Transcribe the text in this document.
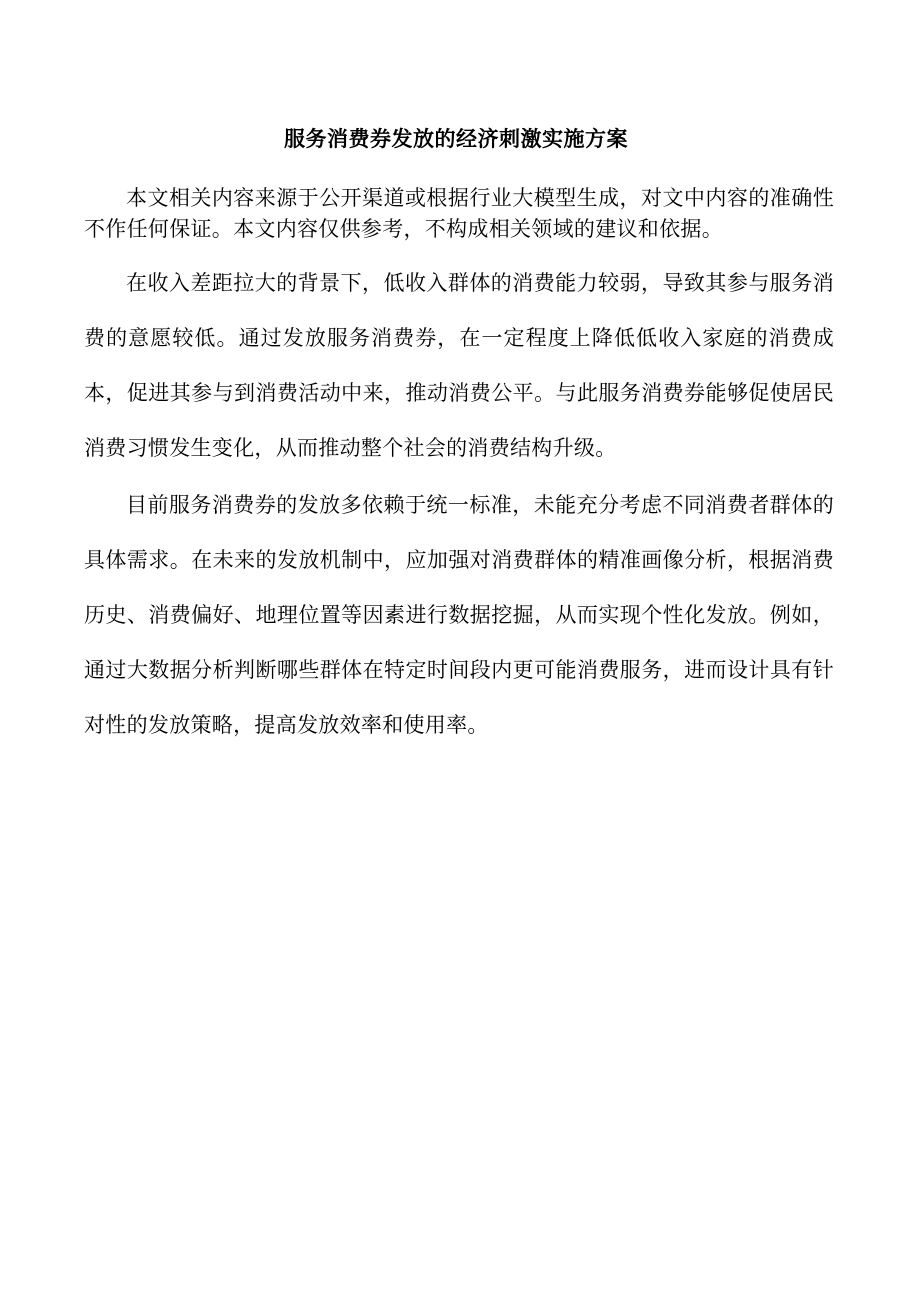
服务消费券发放的经济刺激实施方案

本文相关内容来源于公开渠道或根据行业大模型生成，对文中内容的准确性不作任何保证。本文内容仅供参考，不构成相关领域的建议和依据。

在收入差距拉大的背景下，低收入群体的消费能力较弱，导致其参与服务消费的意愿较低。通过发放服务消费券，在一定程度上降低低收入家庭的消费成本，促进其参与到消费活动中来，推动消费公平。与此服务消费券能够促使居民消费习惯发生变化，从而推动整个社会的消费结构升级。

目前服务消费券的发放多依赖于统一标准，未能充分考虑不同消费者群体的具体需求。在未来的发放机制中，应加强对消费群体的精准画像分析，根据消费历史、消费偏好、地理位置等因素进行数据挖掘，从而实现个性化发放。例如，通过大数据分析判断哪些群体在特定时间段内更可能消费服务，进而设计具有针对性的发放策略，提高发放效率和使用率。
